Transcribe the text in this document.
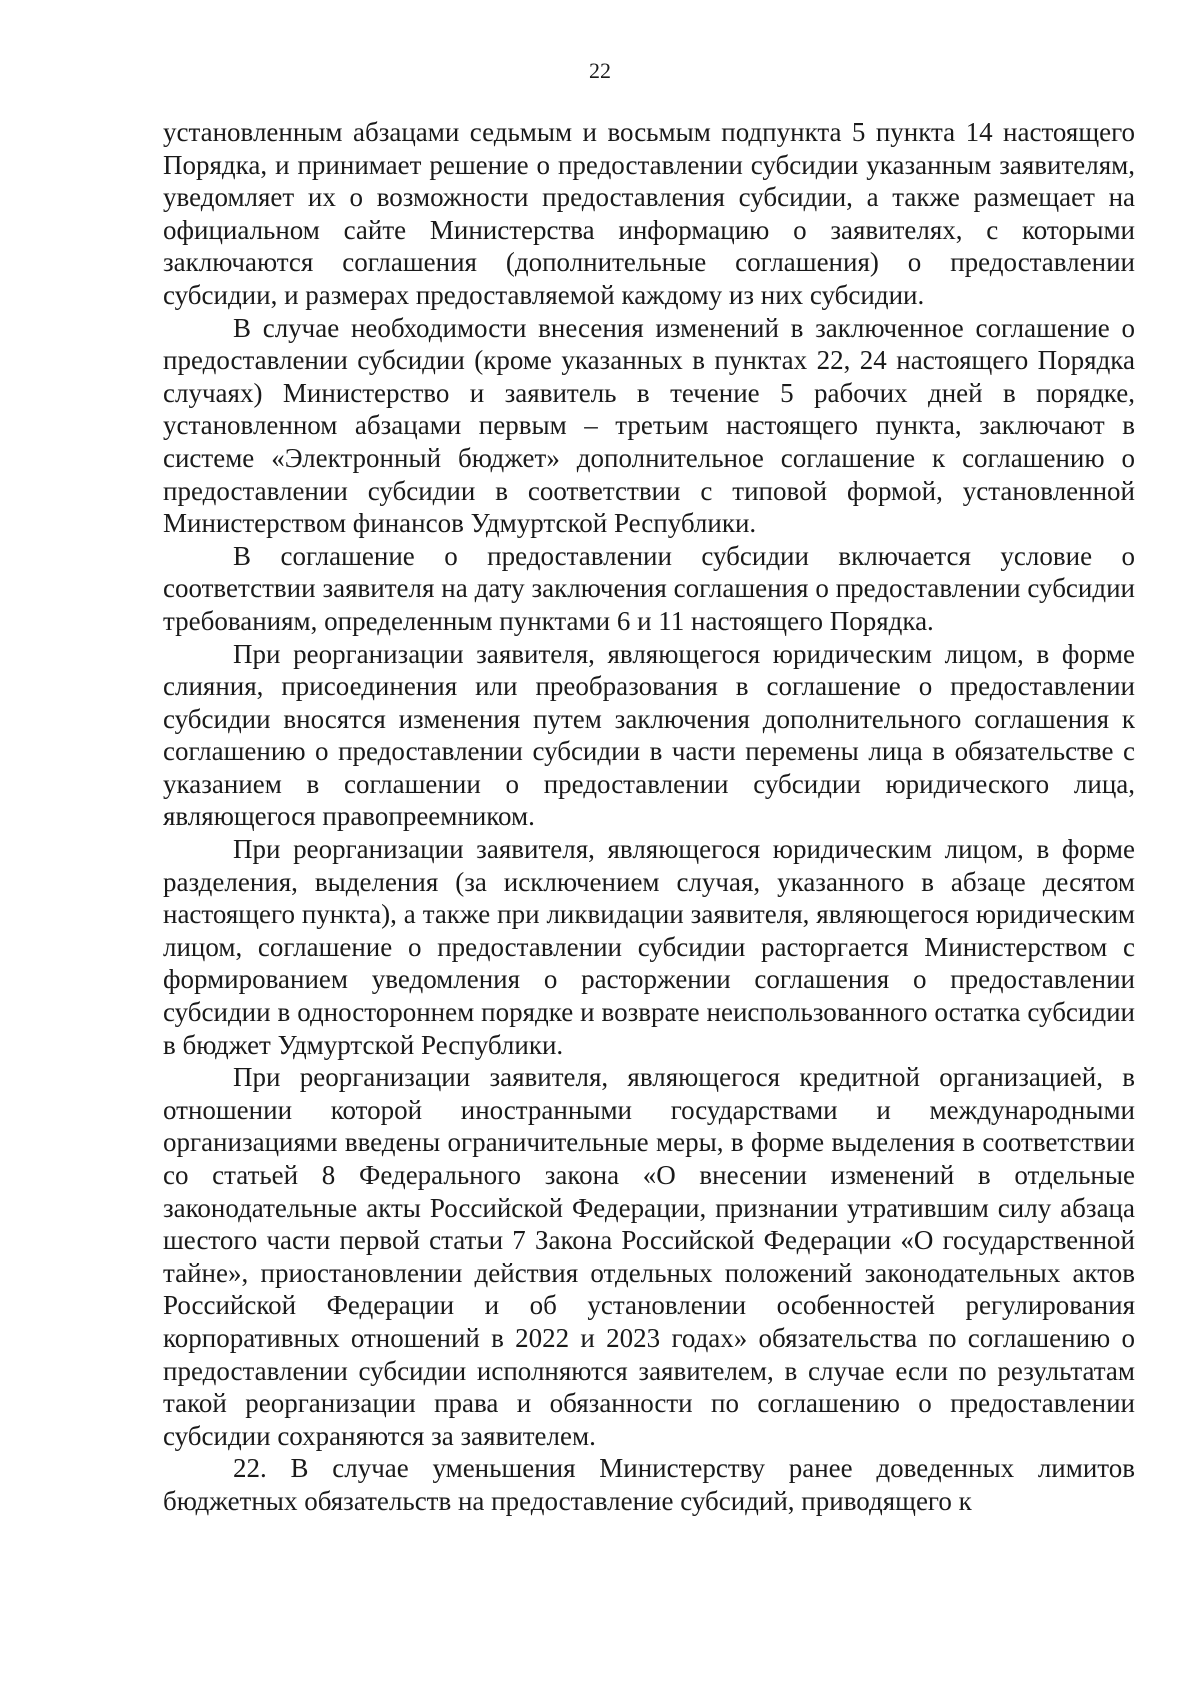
22

установленным абзацами седьмым и восьмым подпункта 5 пункта 14 настоящего Порядка, и принимает решение о предоставлении субсидии указанным заявителям, уведомляет их о возможности предоставления субсидии, а также размещает на официальном сайте Министерства информацию о заявителях, с которыми заключаются соглашения (дополнительные соглашения) о предоставлении субсидии, и размерах предоставляемой каждому из них субсидии.

В случае необходимости внесения изменений в заключенное соглашение о предоставлении субсидии (кроме указанных в пунктах 22, 24 настоящего Порядка случаях) Министерство и заявитель в течение 5 рабочих дней в порядке, установленном абзацами первым – третьим настоящего пункта, заключают в системе «Электронный бюджет» дополнительное соглашение к соглашению о предоставлении субсидии в соответствии с типовой формой, установленной Министерством финансов Удмуртской Республики.

В соглашение о предоставлении субсидии включается условие о соответствии заявителя на дату заключения соглашения о предоставлении субсидии требованиям, определенным пунктами 6 и 11 настоящего Порядка.

При реорганизации заявителя, являющегося юридическим лицом, в форме слияния, присоединения или преобразования в соглашение о предоставлении субсидии вносятся изменения путем заключения дополнительного соглашения к соглашению о предоставлении субсидии в части перемены лица в обязательстве с указанием в соглашении о предоставлении субсидии юридического лица, являющегося правопреемником.

При реорганизации заявителя, являющегося юридическим лицом, в форме разделения, выделения (за исключением случая, указанного в абзаце десятом настоящего пункта), а также при ликвидации заявителя, являющегося юридическим лицом, соглашение о предоставлении субсидии расторгается Министерством с формированием уведомления о расторжении соглашения о предоставлении субсидии в одностороннем порядке и возврате неиспользованного остатка субсидии в бюджет Удмуртской Республики.

При реорганизации заявителя, являющегося кредитной организацией, в отношении которой иностранными государствами и международными организациями введены ограничительные меры, в форме выделения в соответствии со статьей 8 Федерального закона «О внесении изменений в отдельные законодательные акты Российской Федерации, признании утратившим силу абзаца шестого части первой статьи 7 Закона Российской Федерации «О государственной тайне», приостановлении действия отдельных положений законодательных актов Российской Федерации и об установлении особенностей регулирования корпоративных отношений в 2022 и 2023 годах» обязательства по соглашению о предоставлении субсидии исполняются заявителем, в случае если по результатам такой реорганизации права и обязанности по соглашению о предоставлении субсидии сохраняются за заявителем.

22. В случае уменьшения Министерству ранее доведенных лимитов бюджетных обязательств на предоставление субсидий, приводящего к
